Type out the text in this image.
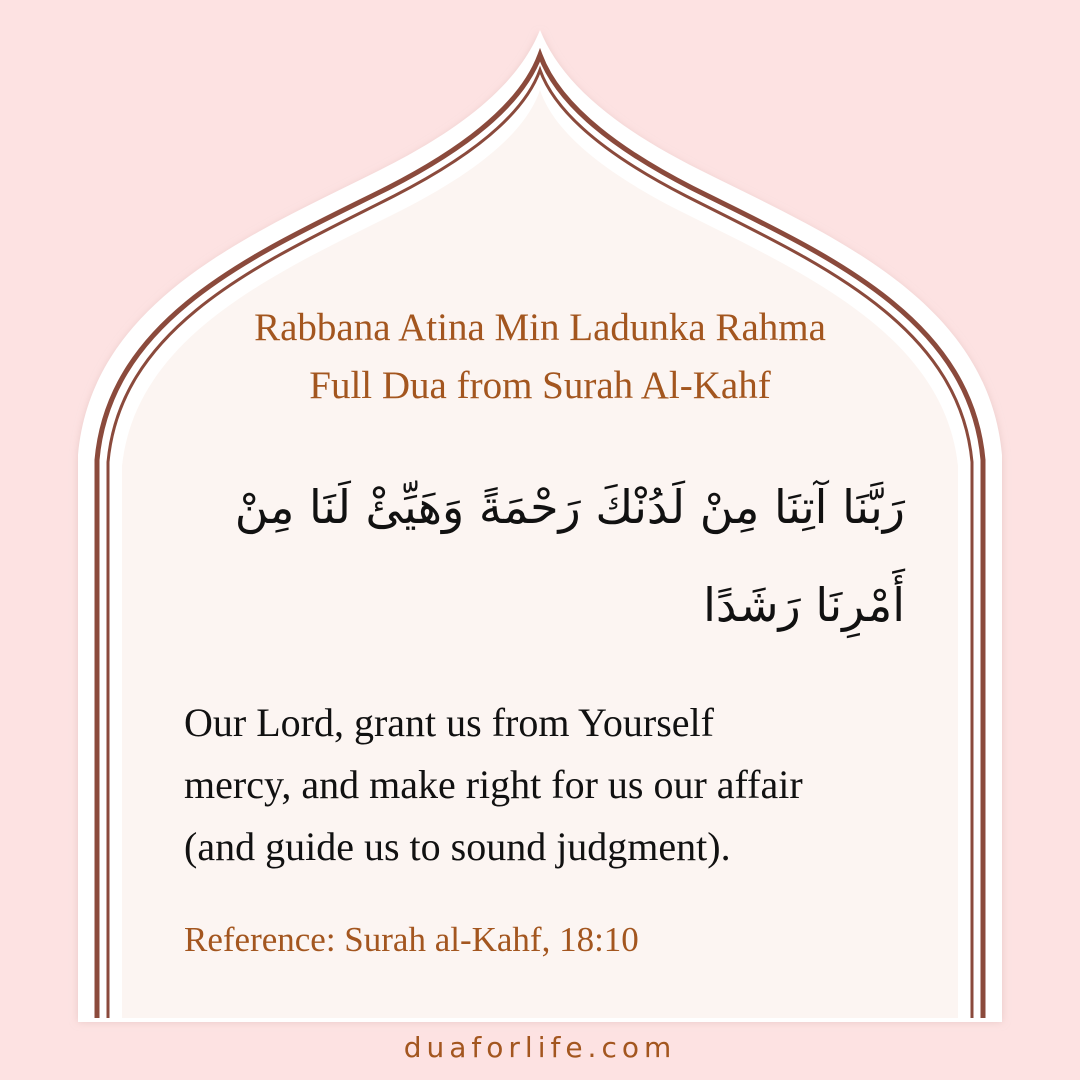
Rabbana Atina Min Ladunka Rahma
Full Dua from Surah Al-Kahf
رَبَّنَا آتِنَا مِنْ لَدُنْكَ رَحْمَةً وَهَيِّئْ لَنَا مِنْ
أَمْرِنَا رَشَدًا
Our Lord, grant us from Yourself
mercy, and make right for us our affair
(and guide us to sound judgment).
Reference: Surah al-Kahf, 18:10
duaforlife.com
